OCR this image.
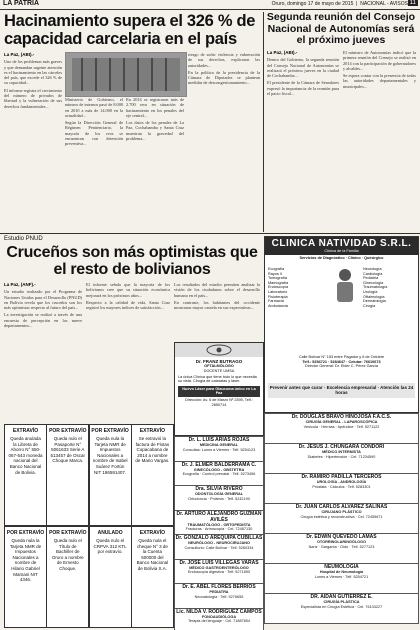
LA PATRIA	Oruro, domingo 17 de mayo de 2015  |  NACIONAL - AVISOS 11
Hacinamiento supera el 326 % de capacidad carcelaria en el país
La Paz, (ABI).-

Uno de los problemas más graves y que demandan urgente atención es el hacinamiento en las cárceles del país, que excede el 326 % de su capacidad...

El informe registra el crecimiento del número de privados de libertad y la vulneración de sus derechos fundamentales...

Ministerio de Gobierno, el número de internos pasó de 8.000 en 2010 a más de 14.000 en la actualidad...

Según la Dirección General de Régimen Penitenciario, la mayoría de los reos se encuentran con detención preventiva...

En 2014 se registraron más de 2.700 reos en situación de hacinamiento en los penales del eje central...

Los datos de los penales de La Paz, Cochabamba y Santa Cruz muestran la gravedad del problema...

riesgo de sufrir violencia y vulneración de sus derechos, explicaron las autoridades...

En la política de la presidencia de la Cámara de Diputados se plantean medidas de descongestionamiento...

Segunda reunión del Consejo Nacional de Autonomías será el próximo jueves
La Paz, (ABI).-

Dentro del Gobierno, la segunda reunión del Consejo Nacional de Autonomías se realizará el próximo jueves en la ciudad de Cochabamba...

El presidente de la Cámara de Senadores expresó la importancia de la reunión para el pacto fiscal...

El ministro de Autonomías indicó que la primera reunión del Consejo se realizó en 2014 con la participación de gobernadores y alcaldes...

Se espera contar con la presencia de todas las autoridades departamentales y municipales...

Estudio PNUD
Cruceños son más optimistas que el resto de bolivianos
La Paz, (ANF).-

Un estudio realizado por el Programa de Naciones Unidas para el Desarrollo (PNUD) en Bolivia revela que los cruceños son los más optimistas respecto al futuro del país...

La investigación se realizó a través de una encuesta de percepción en los nueve departamentos...

El informe señala que la mayoría de los bolivianos cree que su situación económica mejorará en los próximos años...

Respecto a la calidad de vida, Santa Cruz registró los mayores índices de satisfacción...

Los resultados del estudio permiten analizar la visión de los ciudadanos sobre el desarrollo humano en el país...

En contraste, los habitantes del occidente mostraron mayor cautela en sus expectativas...

CLINICA NATIVIDAD S.R.L.
Clínica de la Familia
Servicios de Diagnóstico · Clínico · Quirúrgico
Ecografía
Rayos X
Tomografía
Mamografía
Endoscopía
Laboratorio
Fisioterapia
Farmacia
Ambulancia
Neurología
Cardiología
Pediatría
Ginecología
Traumatología
Urología
Oftalmología
Dermatología
Cirugía
Calle Bolívar N° 153 entre Pagador y 6 de Octubre
Telf.: 5254721 · 5284647 · Celular: 76610673
Director General: Dr. Elder C. Pérez García
Prevenir antes que curar · Excelencia empresarial · Atención las 24 horas
Dr. FRANZ BUTRAGO
OFTALMÓLOGO
DOCENTE UMSA
La única Clínica que tiene todo lo que necesita su vista. Cirugía de cataratas y láser.
Nuevo Láser para Glaucoma único en La Paz
Dirección: Av. 6 de Marzo Nº 2395, Telf.: 2850714
Dr. L. LUIS ARIAS ROJAS
MEDICINA GENERAL
Consultas: Lunes a Viernes · Telf. 5254123
Dr. J. ELMER BALDERRAMA C.
GINECÓLOGO - OBSTETRA
Ecografía · Control prenatal · Telf. 5273456
Dra. SILVIA RIVERO
ODONTOLOGÍA GENERAL
Ortodoncia · Prótesis · Telf. 5242190
Dr. ARTURO ALEJANDRO GUZMÁN AVILÉS
TRAUMATÓLOGO - ORTOPEDISTA
Fracturas · Artroscopía · Cel. 72487130
Dr. GONZALO AREQUIPA CUBILLAS
NEURÓLOGO - NEUROCIRUJANO
Consultorio: Calle Bolívar · Telf. 5260334
Dr. JOSÉ LUIS VILLEGAS VARAS
MÉDICO GASTROENTERÓLOGO
Endoscopía digestiva · Telf. 5271890
Dr. E. ABEL FLORES BERRIOS
PEDIATRA
Neonatología · Telf. 5276655
Lic. NILDA V. RODRÍGUEZ CAMPOS
FONOAUDIÓLOGA
Terapia del lenguaje · Cel. 71887654
Dr. DOUGLAS BRAVO HINOJOSA F.A.C.S.
CIRUGÍA GENERAL - LAPAROSCÓPICA
Vesícula · Hernias · Apéndice · Telf. 5271122
Dr. JESÚS J. CHUNGARA CONDORI
MÉDICO INTERNISTA
Diabetes · Hipertensión · Cel. 71234590
Dr. RAMIRO PADILLA TERCEROS
UROLOGÍA - ANDROLOGÍA
Próstata · Cálculos · Telf. 5283301
Dr. JUAN CARLOS ALVAREZ SALINAS
CIRUJANO PLÁSTICO
Cirugía estética y reconstructiva · Cel. 72455671
Dr. EDWIN QUEVEDO LAMAS
OTORRINOLARINGÓLOGO
Nariz · Garganta · Oído · Telf. 5277123
NEUMOLOGÍA
Hospital de Neumología
Lunes a Viernes · Telf. 5254721
DR. AIDAN GUTIÉRREZ E.
CIRUGÍA PLÁSTICA
Especialista en Cirugía Estética · Cel. 76133227
EXTRAVÍO
Queda anulada la Libreta de Ahorro N° 550-067-543 moneda nacional del Banco Nacional de Bolivia.
POR EXTRAVÍO
Queda nulo el Pasaporte N° 5061633 Serie A 513457 de Oscar Choque Marca.
POR EXTRAVÍO
Queda nula la Tarjeta NMR de Impuestos Nacionales a nombre de Isabel Suárez Fortún NIT 186591407.
EXTRAVÍO
Se extravió la factura de Flotas Copacabana de 2014 a nombre de Mario Vargas.
POR EXTRAVÍO
Queda nula la Tarjeta NMR de Impuestos Nacionales a nombre de Hilario Gabriel Mamani NIT 4346.
POR EXTRAVÍO
Queda nulo el Título de Bachiller de Oruro a nombre de Ernesto Choque.
ANULADO
Queda nulo el CRPVA 312 KTL por extravío.
EXTRAVÍO
Queda nula el cheque N° 3 de la Cuenta 500000 del Banco Nacional de Bolivia S.A.
